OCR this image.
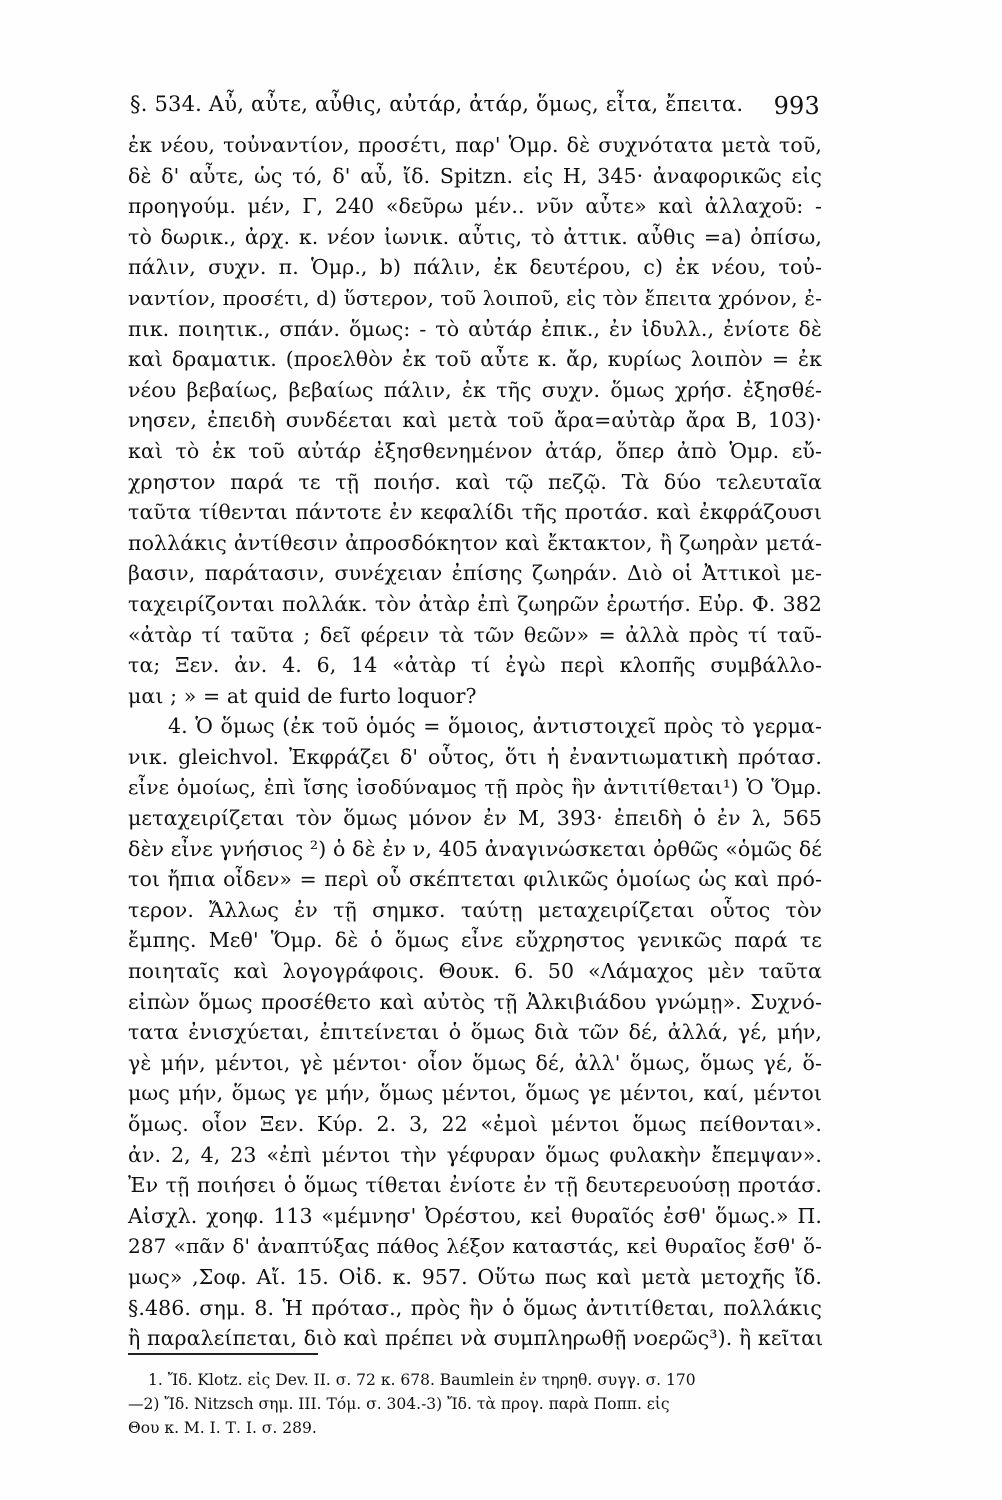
§. 534. Αὖ, αὖτε, αὖθις, αὐτάρ, ἀτάρ, ὅμως, εἶτα, ἔπειτα. 993
ἐκ νέου, τοὐναντίον, προσέτι, παρ' Ὁμρ. δὲ συχνότατα μετὰ τοῦ,
δὲ δ' αὖτε, ὡς τό, δ' αὖ, ἴδ. Spitzn. εἰς Η, 345· ἀναφορικῶς εἰς
προηγούμ. μέν, Γ, 240 «δεῦρω μέν.. νῦν αὖτε» καὶ ἀλλαχοῦ: -
τὸ δωρικ., ἀρχ. κ. νέον ἰωνικ. αὖτις, τὸ ἀττικ. αὖθις =a) ὀπίσω,
πάλιν, συχν. π. Ὁμρ., b) πάλιν, ἐκ δευτέρου, c) ἐκ νέου, τοὐ-
ναντίον, προσέτι, d) ὕστερον, τοῦ λοιποῦ, εἰς τὸν ἔπειτα χρόνον, ἐ-
πικ. ποιητικ., σπάν. ὅμως: - τὸ αὐτάρ ἐπικ., ἐν ἰδυλλ., ἐνίοτε δὲ
καὶ δραματικ. (προελθὸν ἐκ τοῦ αὖτε κ. ἄρ, κυρίως λοιπὸν = ἐκ
νέου βεβαίως, βεβαίως πάλιν, ἐκ τῆς συχν. ὅμως χρήσ. ἐξησθέ-
νησεν, ἐπειδὴ συνδέεται καὶ μετὰ τοῦ ἄρα=αὐτὰρ ἄρα Β, 103)·
καὶ τὸ ἐκ τοῦ αὐτάρ ἐξησθενημένον ἀτάρ, ὅπερ ἀπὸ Ὁμρ. εὔ-
χρηστον παρά τε τῇ ποιήσ. καὶ τῷ πεζῷ. Τὰ δύο τελευταῖα
ταῦτα τίθενται πάντοτε ἐν κεφαλίδι τῆς προτάσ. καὶ ἐκφράζουσι
πολλάκις ἀντίθεσιν ἀπροσδόκητον καὶ ἔκτακτον, ἢ ζωηρὰν μετά-
βασιν, παράτασιν, συνέχειαν ἐπίσης ζωηράν. Διὸ οἱ Ἀττικοὶ με-
ταχειρίζονται πολλάκ. τὸν ἀτὰρ ἐπὶ ζωηρῶν ἐρωτήσ. Εὐρ. Φ. 382
«ἀτὰρ τί ταῦτα ; δεῖ φέρειν τὰ τῶν θεῶν» = ἀλλὰ πρὸς τί ταῦ-
τα; Ξεν. ἀν. 4. 6, 14 «ἀτὰρ τί ἐγὼ περὶ κλοπῆς συμβάλλο-
μαι ; » = at quid de furto loquor?
4. Ὁ ὅμως (ἐκ τοῦ ὁμός = ὅμοιος, ἀντιστοιχεῖ πρὸς τὸ γερμα-
νικ. gleichvol. Ἐκφράζει δ' οὗτος, ὅτι ἡ ἐναντιωματικὴ πρότασ.
εἶνε ὁμοίως, ἐπὶ ἴσης ἰσοδύναμος τῇ πρὸς ἣν ἀντιτίθεται¹) Ὁ Ὅμρ.
μεταχειρίζεται τὸν ὅμως μόνον ἐν Μ, 393· ἐπειδὴ ὁ ἐν λ, 565
δὲν εἶνε γνήσιος ²) ὁ δὲ ἐν ν, 405 ἀναγινώσκεται ὀρθῶς «ὁμῶς δέ
τοι ἤπια οἶδεν» = περὶ οὗ σκέπτεται φιλικῶς ὁμοίως ὡς καὶ πρό-
τερον. Ἄλλως ἐν τῇ σημκσ. ταύτῃ μεταχειρίζεται οὗτος τὸν
ἔμπης. Μεθ' Ὅμρ. δὲ ὁ ὅμως εἶνε εὔχρηστος γενικῶς παρά τε
ποιηταῖς καὶ λογογράφοις. Θουκ. 6. 50 «Λάμαχος μὲν ταῦτα
εἰπὼν ὅμως προσέθετο καὶ αὐτὸς τῇ Ἀλκιβιάδου γνώμῃ». Συχνό-
τατα ἐνισχύεται, ἐπιτείνεται ὁ ὅμως διὰ τῶν δέ, ἀλλά, γέ, μήν,
γὲ μήν, μέντοι, γὲ μέντοι· οἷον ὅμως δέ, ἀλλ' ὅμως, ὅμως γέ, ὅ-
μως μήν, ὅμως γε μήν, ὅμως μέντοι, ὅμως γε μέντοι, καί, μέντοι
ὅμως. οἷον Ξεν. Κύρ. 2. 3, 22 «ἐμοὶ μέντοι ὅμως πείθονται».
ἀν. 2, 4, 23 «ἐπὶ μέντοι τὴν γέφυραν ὅμως φυλακὴν ἔπεμψαν».
Ἐν τῇ ποιήσει ὁ ὅμως τίθεται ἐνίοτε ἐν τῇ δευτερευούσῃ προτάσ.
Αἰσχλ. χοηφ. 113 «μέμνησ' Ὀρέστου, κεἰ θυραῖός ἐσθ' ὅμως.» Π.
287 «πᾶν δ' ἀναπτύξας πάθος λέξον καταστάς, κεἰ θυραῖος ἔσθ' ὅ-
μως» ,Σοφ. Αἴ. 15. Οἰδ. κ. 957. Οὕτω πως καὶ μετὰ μετοχῆς ἴδ.
§.486. σημ. 8. Ἡ πρότασ., πρὸς ἣν ὁ ὅμως ἀντιτίθεται, πολλάκις
ἢ παραλείπεται, διὸ καὶ πρέπει νὰ συμπληρωθῇ νοερῶς³). ἢ κεῖται
1. Ἴδ. Klotz. εἰς Dev. II. σ. 72 κ. 678. Baumlein ἐν τηρηθ. συγγ. σ. 170
—2) Ἴδ. Nitzsch σημ. III. Τόμ. σ. 304.-3) Ἴδ. τὰ προγ. παρὰ Ποππ. εἰς
Θου κ. Μ. I. Τ. I. σ. 289.
